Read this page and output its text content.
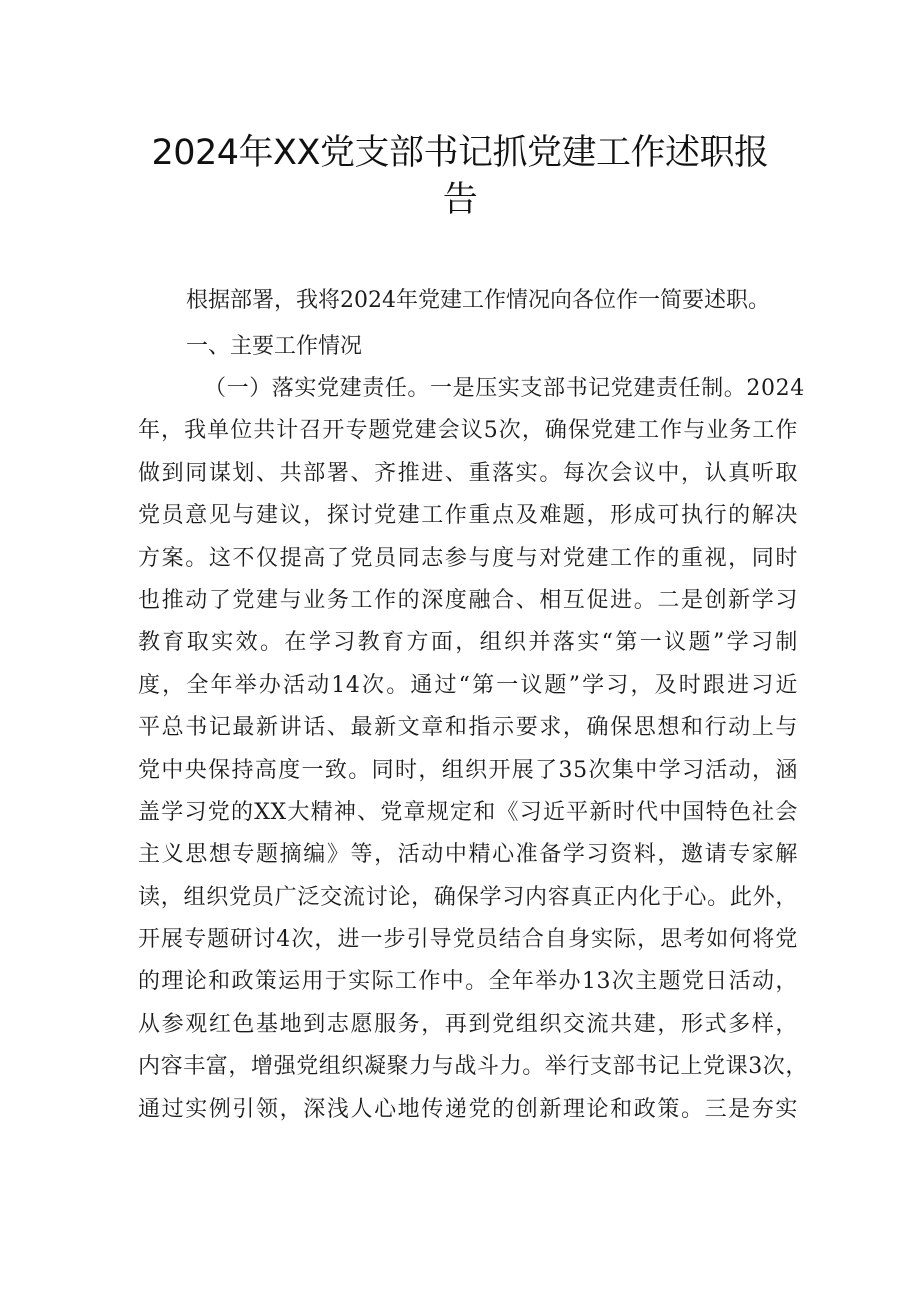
2024年XX党支部书记抓党建工作述职报
告

根据部署，我将2024年党建工作情况向各位作一简要述职。

一、主要工作情况
（一）落实党建责任。一是压实支部书记党建责任制。2024
年，我单位共计召开专题党建会议5次，确保党建工作与业务工作
做到同谋划、共部署、齐推进、重落实。每次会议中，认真听取
党员意见与建议，探讨党建工作重点及难题，形成可执行的解决
方案。这不仅提高了党员同志参与度与对党建工作的重视，同时
也推动了党建与业务工作的深度融合、相互促进。二是创新学习
教育取实效。在学习教育方面，组织并落实“第一议题”学习制
度，全年举办活动14次。通过“第一议题”学习，及时跟进习近
平总书记最新讲话、最新文章和指示要求，确保思想和行动上与
党中央保持高度一致。同时，组织开展了35次集中学习活动，涵
盖学习党的XX大精神、党章规定和《习近平新时代中国特色社会
主义思想专题摘编》等，活动中精心准备学习资料，邀请专家解
读，组织党员广泛交流讨论，确保学习内容真正内化于心。此外，
开展专题研讨4次，进一步引导党员结合自身实际，思考如何将党
的理论和政策运用于实际工作中。全年举办13次主题党日活动，
从参观红色基地到志愿服务，再到党组织交流共建，形式多样，
内容丰富，增强党组织凝聚力与战斗力。举行支部书记上党课3次，
通过实例引领，深浅人心地传递党的创新理论和政策。三是夯实
